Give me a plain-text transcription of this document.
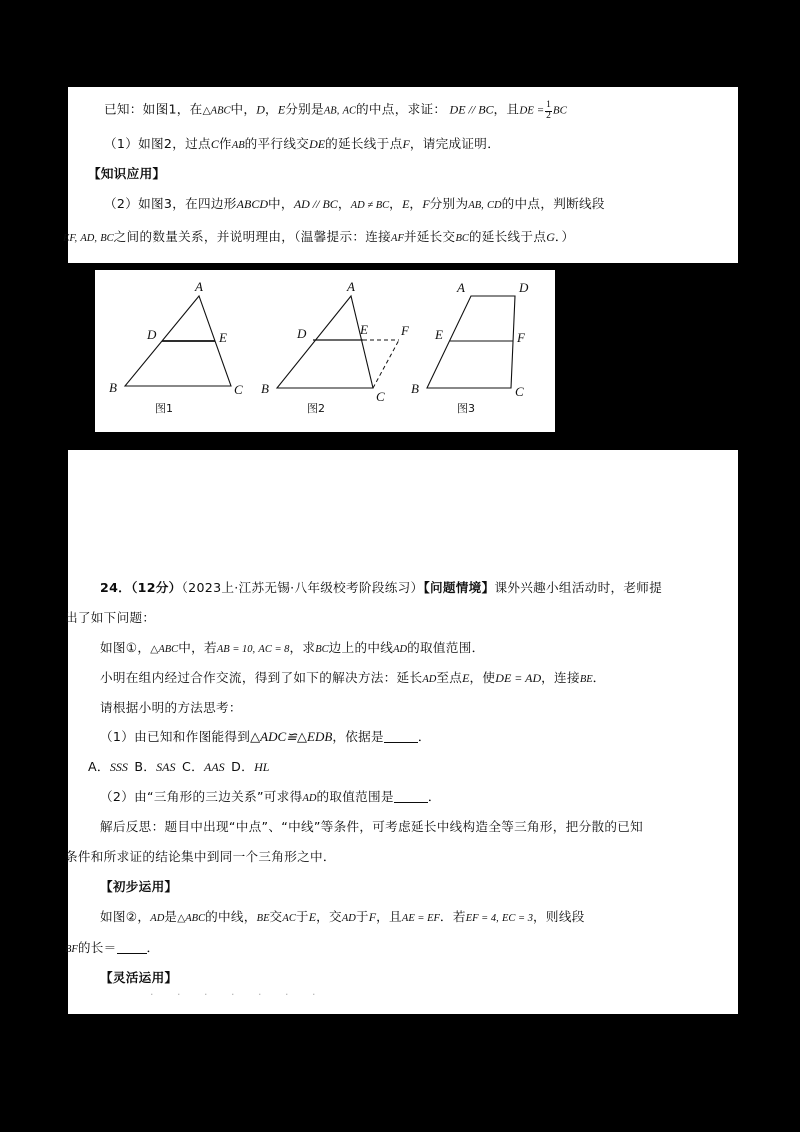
已知：如图1，在△ABC中，D，E分别是AB, AC的中点，求证： DE // BC，且DE = $\frac{1}{2}$ BC
（1）如图2，过点C作AB的平行线交DE的延长线于点F，请完成证明．
【知识应用】
（2）如图3，在四边形ABCD中，AD // BC，AD ≠ BC，E，F分别为AB, CD的中点，判断线段
EF, AD, BC之间的数量关系，并说明理由，（温馨提示：连接AF并延长交BC的延长线于点G．）
A
D	E
B	C
图1
A
D	E	F
B
C
图2
A	D
E	F
B	C
图3
24．（12分）（2023上·江苏无锡·八年级校考阶段练习）【问题情境】课外兴趣小组活动时，老师提
出了如下问题：
如图①，△ABC中，若AB = 10, AC = 8，求BC边上的中线AD的取值范围．
小明在组内经过合作交流，得到了如下的解决方法：延长AD至点E，使DE = AD，连接BE．
请根据小明的方法思考：
（1）由已知和作图能得到△ADC≌△EDB，依据是	．
A．SSS B．SAS C．AAS D．HL
（2）由“三角形的三边关系”可求得AD的取值范围是	．
解后反思：题目中出现“中点”、“中线”等条件，可考虑延长中线构造全等三角形，把分散的已知
条件和所求证的结论集中到同一个三角形之中．
【初步运用】
如图②，AD是△ABC的中线，BE交AC于E，交AD于F，且AE = EF．若EF = 4, EC = 3，则线段
BF的长＝ ．
【灵活运用】
· · · · · · ·
